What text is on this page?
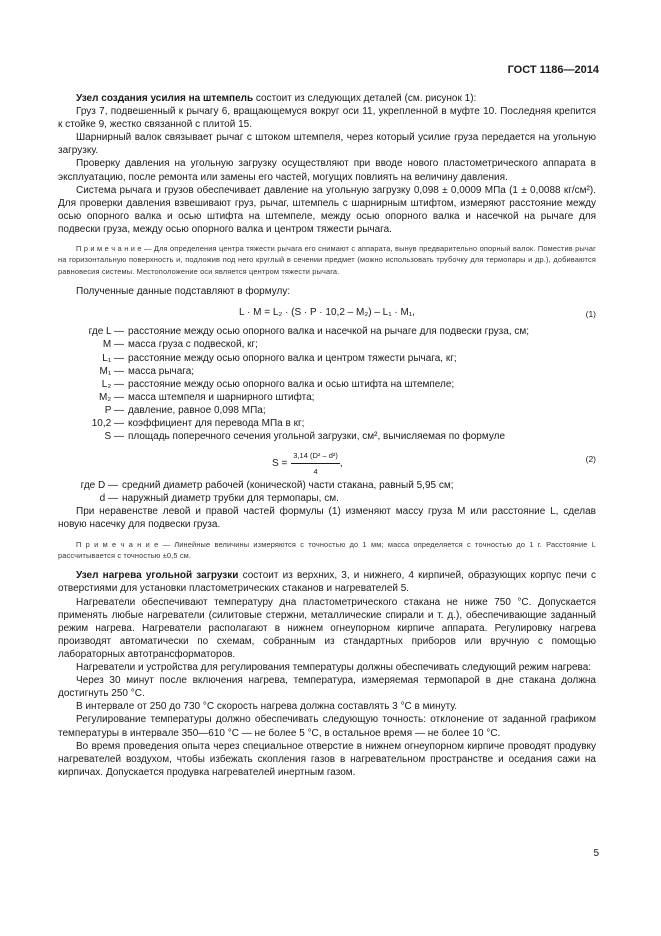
ГОСТ 1186—2014

Узел создания усилия на штемпель состоит из следующих деталей (см. рисунок 1):

Груз 7, подвешенный к рычагу 6, вращающемуся вокруг оси 11, укрепленной в муфте 10. Последняя крепится к стойке 9, жестко связанной с плитой 15.

Шарнирный валок связывает рычаг с штоком штемпеля, через который усилие груза передается на угольную загрузку.

Проверку давления на угольную загрузку осуществляют при вводе нового пластометрического аппарата в эксплуатацию, после ремонта или замены его частей, могущих повлиять на величину давления.

Система рычага и грузов обеспечивает давление на угольную загрузку 0,098 ± 0,0009 МПа (1 ± 0,0088 кг/см²). Для проверки давления взвешивают груз, рычаг, штемпель с шарнирным штифтом, измеряют расстояние между осью опорного валка и осью штифта на штемпеле, между осью опорного валка и насечкой на рычаге для подвески груза, между осью опорного валка и центром тяжести рычага.

П р и м е ч а н и е — Для определения центра тяжести рычага его снимают с аппарата, вынув предварительно опорный валок. Поместив рычаг на горизонтальную поверхность и, подложив под него круглый в сечении предмет (можно использовать трубочку для термопары и др.), добиваются равновесия системы. Местоположение оси является центром тяжести рычага.

Полученные данные подставляют в формулу:

L · M = L₂ · (S · P · 10,2 – M₂) – L₁ · M₁,	(1)
где L — расстояние между осью опорного валка и насечкой на рычаге для подвески груза, см;
M — масса груза с подвеской, кг;
L₁ — расстояние между осью опорного валка и центром тяжести рычага, кг;
M₁ — масса рычага;
L₂ — расстояние между осью опорного валка и осью штифта на штемпеле;
M₂ — масса штемпеля и шарнирного штифта;
P — давление, равное 0,098 МПа;
10,2 — коэффициент для перевода МПа в кг;
S — площадь поперечного сечения угольной загрузки, см², вычисляемая по формуле
$S = \frac{\text{3,14 (D² – d²)}}{4}$ ,	(2)
где D — средний диаметр рабочей (конической) части стакана, равный 5,95 см;
d — наружный диаметр трубки для термопары, см.

При неравенстве левой и правой частей формулы (1) изменяют массу груза M или расстояние L, сделав новую насечку для подвески груза.

П р и м е ч а н и е — Линейные величины измеряются с точностью до 1 мм; масса определяется с точностью до 1 г. Расстояние L рассчитывается с точностью ±0,5 см.

Узел нагрева угольной загрузки состоит из верхних, 3, и нижнего, 4 кирпичей, образующих корпус печи с отверстиями для установки пластометрических стаканов и нагревателей 5.

Нагреватели обеспечивают температуру дна пластометрического стакана не ниже 750 °С. Допускается применять любые нагреватели (силитовые стержни, металлические спирали и т. д.), обеспечивающие заданный режим нагрева. Нагреватели располагают в нижнем огнеупорном кирпиче аппарата. Регулировку нагрева производят автоматически по схемам, собранным из стандартных приборов или вручную с помощью лабораторных автотрансформаторов.

Нагреватели и устройства для регулирования температуры должны обеспечивать следующий режим нагрева:

Через 30 минут после включения нагрева, температура, измеряемая термопарой в дне стакана должна достигнуть 250 °С.

В интервале от 250 до 730 °С скорость нагрева должна составлять 3 °С в минуту.

Регулирование температуры должно обеспечивать следующую точность: отклонение от заданной графиком температуры в интервале 350—610 °С — не более 5 °С, в остальное время — не более 10 °С.

Во время проведения опыта через специальное отверстие в нижнем огнеупорном кирпиче проводят продувку нагревателей воздухом, чтобы избежать скопления газов в нагревательном пространстве и оседания сажи на кирпичах. Допускается продувка нагревателей инертным газом.

5
